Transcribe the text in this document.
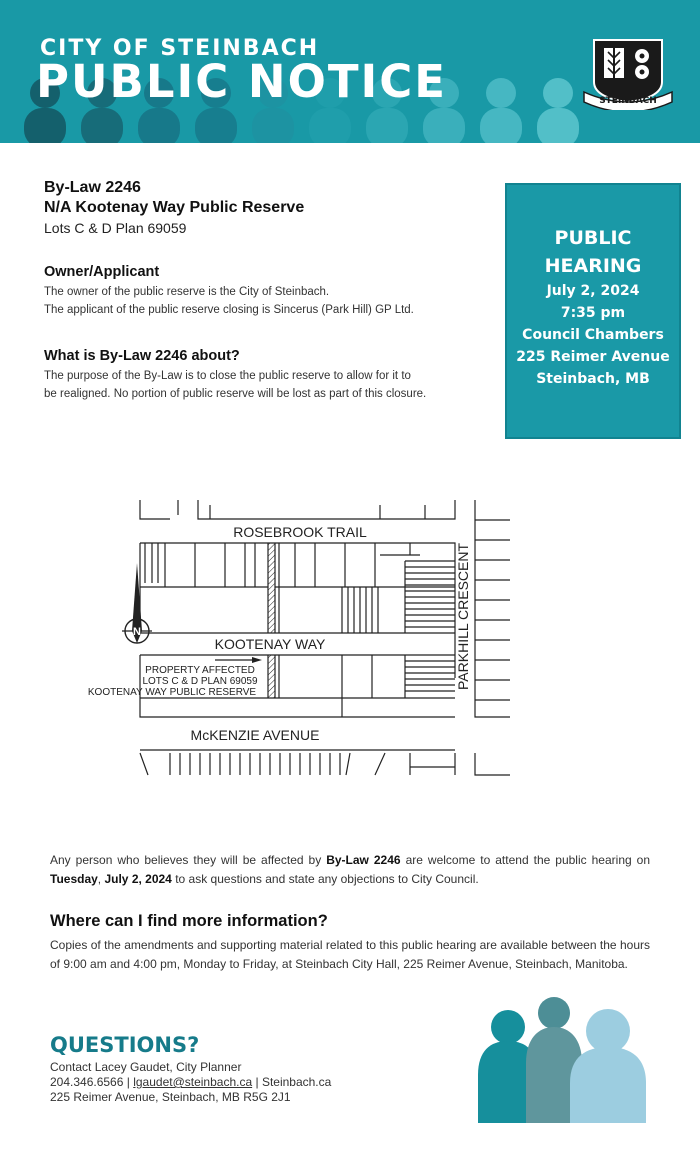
CITY OF STEINBACH
PUBLIC NOTICE	STEINBACH
By-Law 2246
N/A Kootenay Way Public Reserve
Lots C & D Plan 69059
Owner/Applicant
The owner of the public reserve is the City of Steinbach.
The applicant of the public reserve closing is Sincerus (Park Hill) GP Ltd.
What is By-Law 2246 about?
The purpose of the By-Law is to close the public reserve to allow for it to
be realigned. No portion of public reserve will be lost as part of this closure.
PUBLIC
HEARING
July 2, 2024
7:35 pm
Council Chambers
225 Reimer Avenue
Steinbach, MB
N
ROSEBROOK TRAIL
KOOTENAY WAY
McKENZIE AVENUE
PARKHILL CRESCENT
PROPERTY AFFECTED
LOTS C & D PLAN 69059
KOOTENAY WAY PUBLIC RESERVE
Any person who believes they will be affected by By-Law 2246 are welcome to attend the public hearing on Tuesday, July 2, 2024 to ask questions and state any objections to City Council.
Where can I find more information?
Copies of the amendments and supporting material related to this public hearing are available between the hours of 9:00 am and 4:00 pm, Monday to Friday, at Steinbach City Hall, 225 Reimer Avenue, Steinbach, Manitoba.
QUESTIONS?
Contact Lacey Gaudet, City Planner
204.346.6566 | lgaudet@steinbach.ca | Steinbach.ca
225 Reimer Avenue, Steinbach, MB R5G 2J1
